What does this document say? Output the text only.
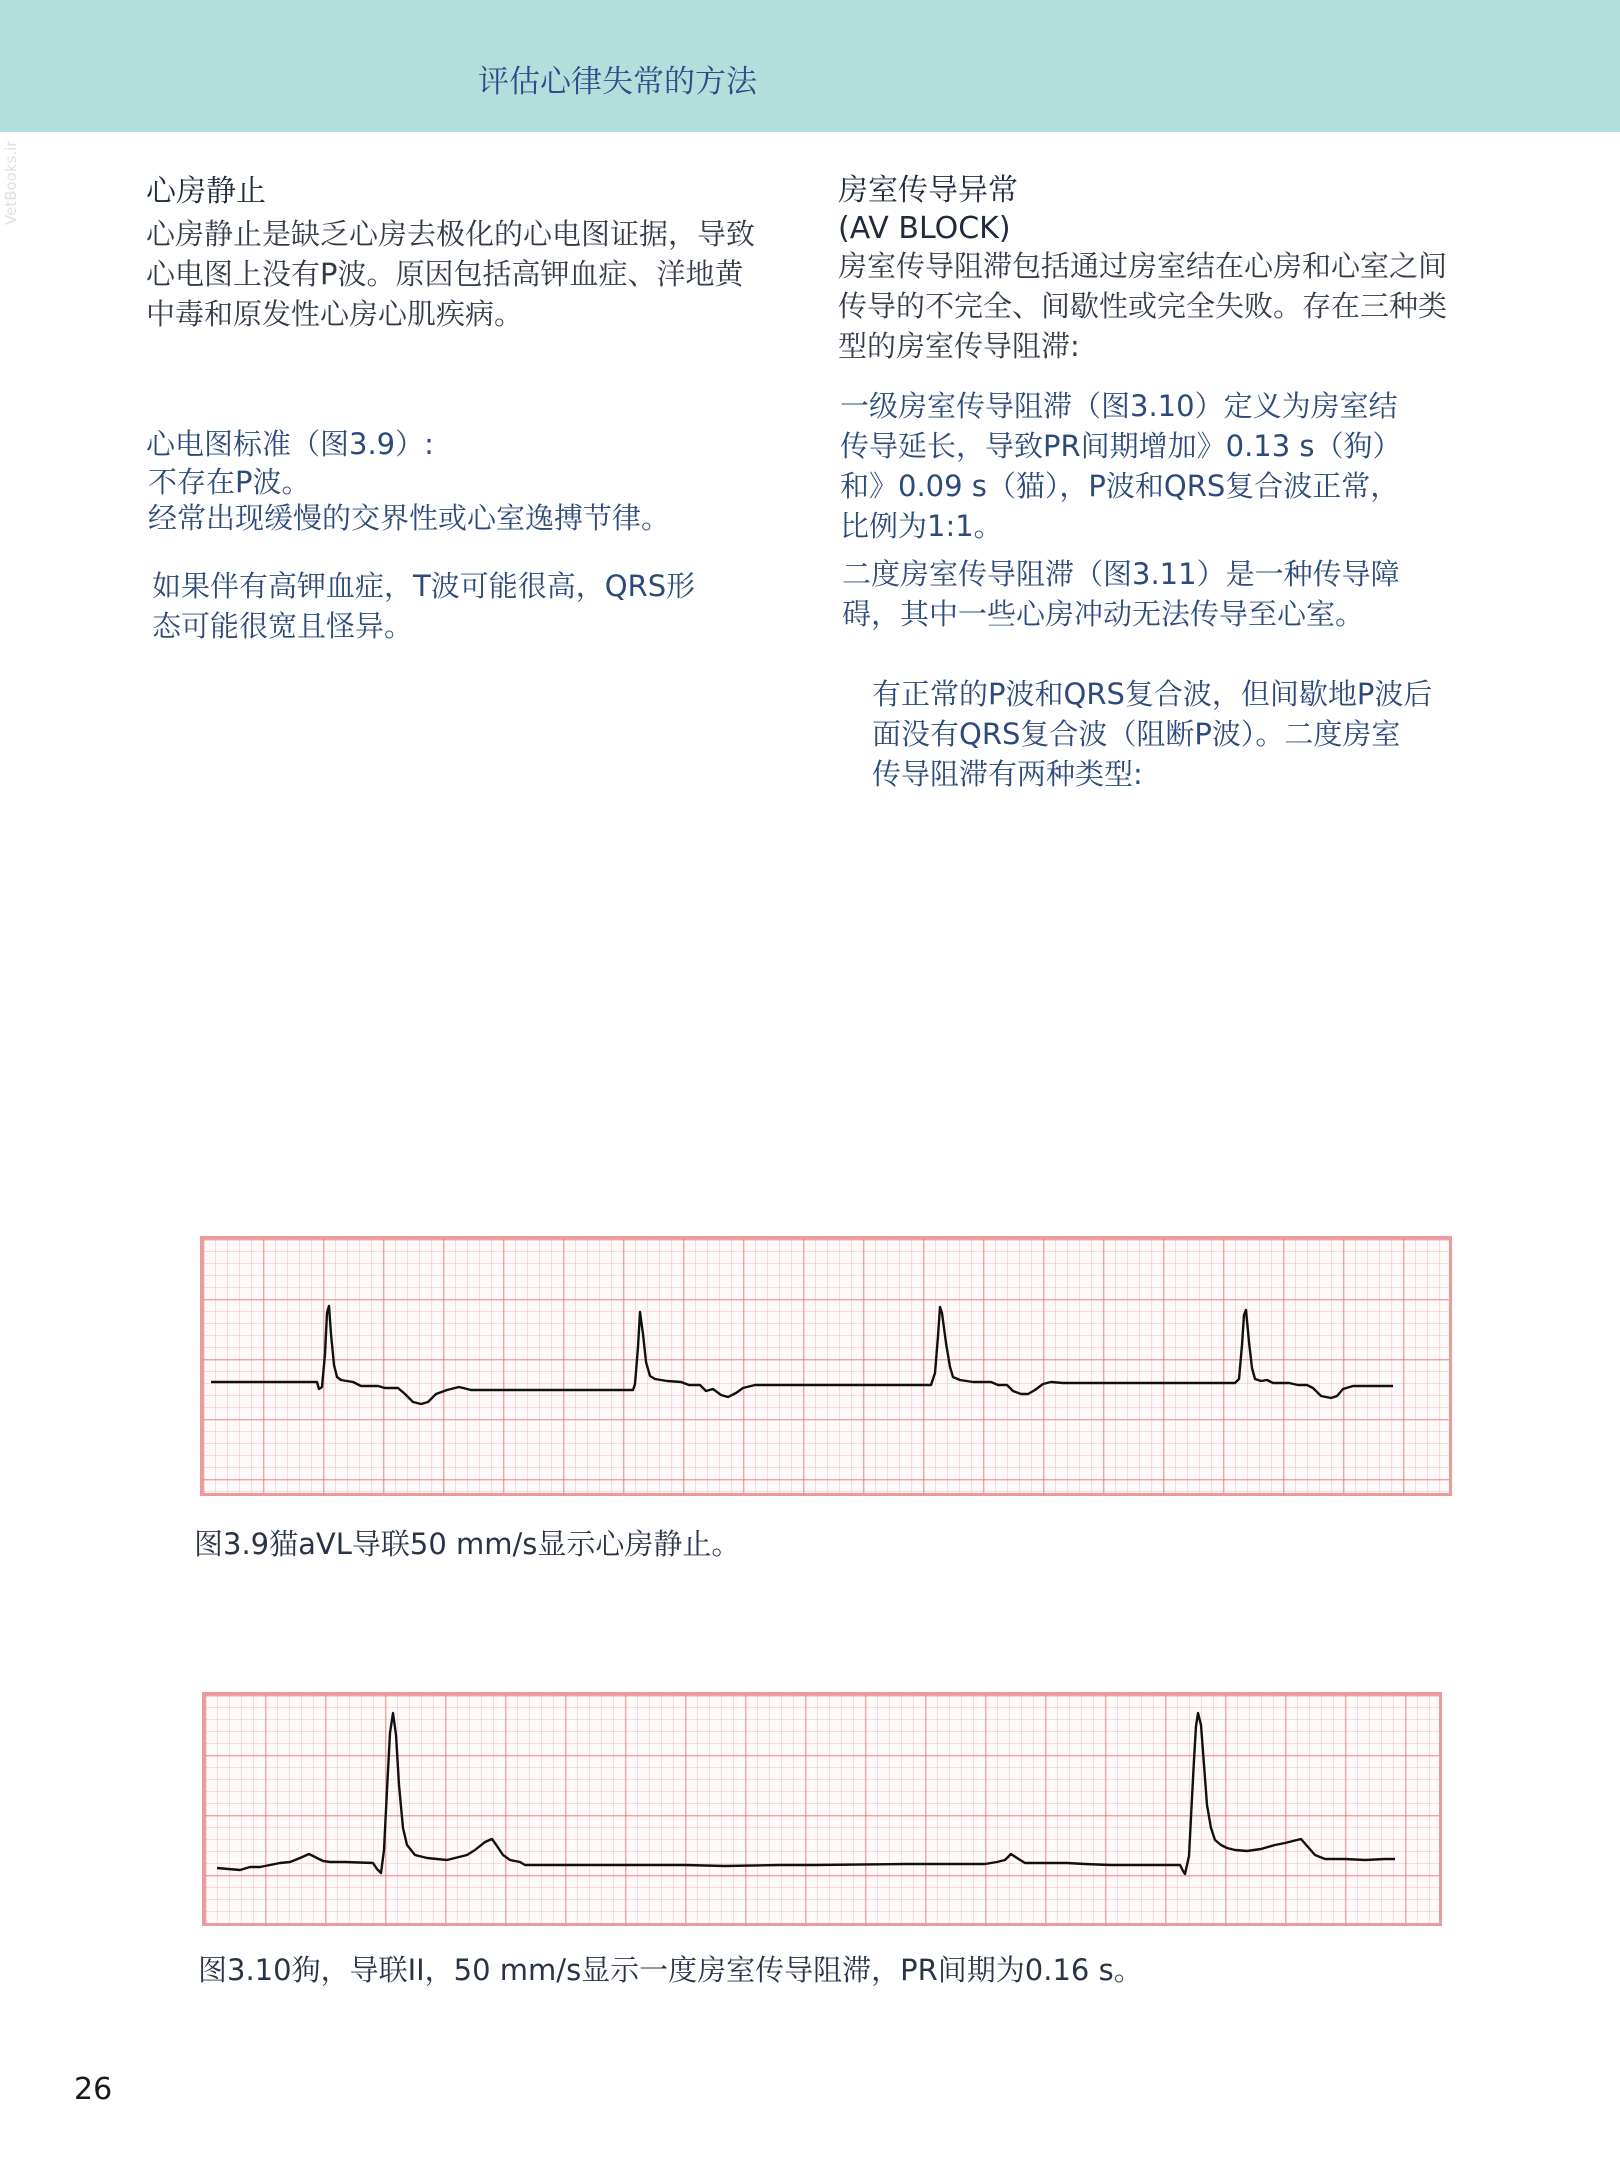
评估心律失常的方法
VetBooks.ir	心房静止
心房静止是缺乏心房去极化的心电图证据，导致
心电图上没有P波。原因包括高钾血症、洋地黄
中毒和原发性心房心肌疾病。
心电图标准（图3.9）:
不存在P波。
经常出现缓慢的交界性或心室逸搏节律。
如果伴有高钾血症，T波可能很高，QRS形
态可能很宽且怪异。
房室传导异常
(AV BLOCK)
房室传导阻滞包括通过房室结在心房和心室之间
传导的不完全、间歇性或完全失败。存在三种类
型的房室传导阻滞:
一级房室传导阻滞（图3.10）定义为房室结
传导延长，导致PR间期增加》0.13 s（狗）
和》0.09 s（猫），P波和QRS复合波正常，
比例为1:1。
二度房室传导阻滞（图3.11）是一种传导障
碍，其中一些心房冲动无法传导至心室。
有正常的P波和QRS复合波，但间歇地P波后
面没有QRS复合波（阻断P波）。二度房室
传导阻滞有两种类型:
图3.9猫aVL导联50 mm/s显示心房静止。
图3.10狗，导联II，50 mm/s显示一度房室传导阻滞，PR间期为0.16 s。
26
